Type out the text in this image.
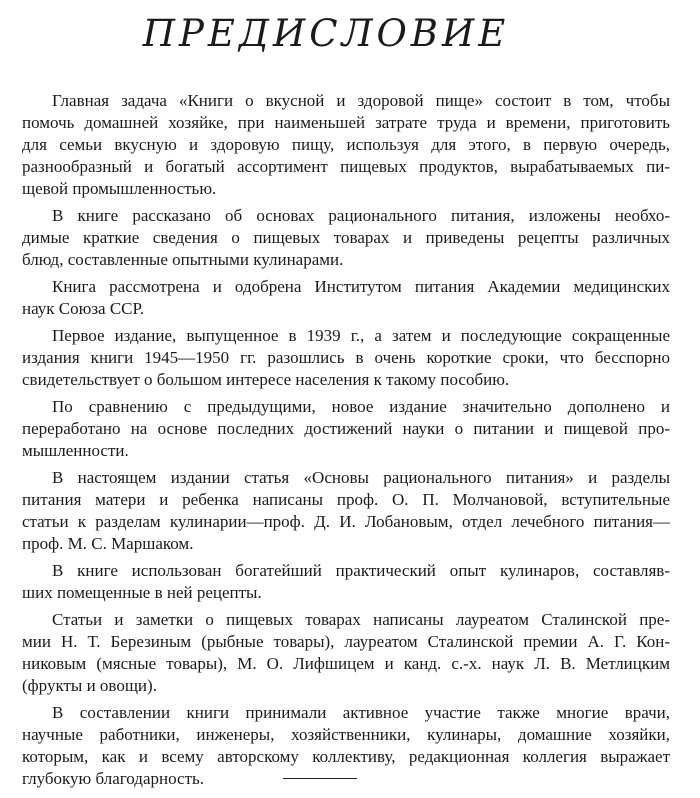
ПРЕДИСЛОВИЕ

Главная задача «Книги о вкусной и здоровой пище» состоит в том, чтобы
помочь домашней хозяйке, при наименьшей затрате труда и времени, приготовить
для семьи вкусную и здоровую пищу, используя для этого, в первую очередь,
разнообразный и богатый ассортимент пищевых продуктов, вырабатываемых пи-
щевой промышленностью.

В книге рассказано об основах рационального питания, изложены необхо-
димые краткие сведения о пищевых товарах и приведены рецепты различных
блюд, составленные опытными кулинарами.

Книга рассмотрена и одобрена Институтом питания Академии медицинских
наук Союза ССР.

Первое издание, выпущенное в 1939 г., а затем и последующие сокращенные
издания книги 1945—1950 гг. разошлись в очень короткие сроки, что бесспорно
свидетельствует о большом интересе населения к такому пособию.

По сравнению с предыдущими, новое издание значительно дополнено и
переработано на основе последних достижений науки о питании и пищевой про-
мышленности.

В настоящем издании статья «Основы рационального питания» и разделы
питания матери и ребенка написаны проф. О. П. Молчановой, вступительные
статьи к разделам кулинарии—проф. Д. И. Лобановым, отдел лечебного питания—
проф. М. С. Маршаком.

В книге использован богатейший практический опыт кулинаров, составляв-
ших помещенные в ней рецепты.

Статьи и заметки о пищевых товарах написаны лауреатом Сталинской пре-
мии Н. Т. Березиным (рыбные товары), лауреатом Сталинской премии А. Г. Кон-
никовым (мясные товары), М. О. Лифшицем и канд. с.-х. наук Л. В. Метлицким
(фрукты и овощи).

В составлении книги принимали активное участие также многие врачи,
научные работники, инженеры, хозяйственники, кулинары, домашние хозяйки,
которым, как и всему авторскому коллективу, редакционная коллегия выражает
глубокую благодарность.
